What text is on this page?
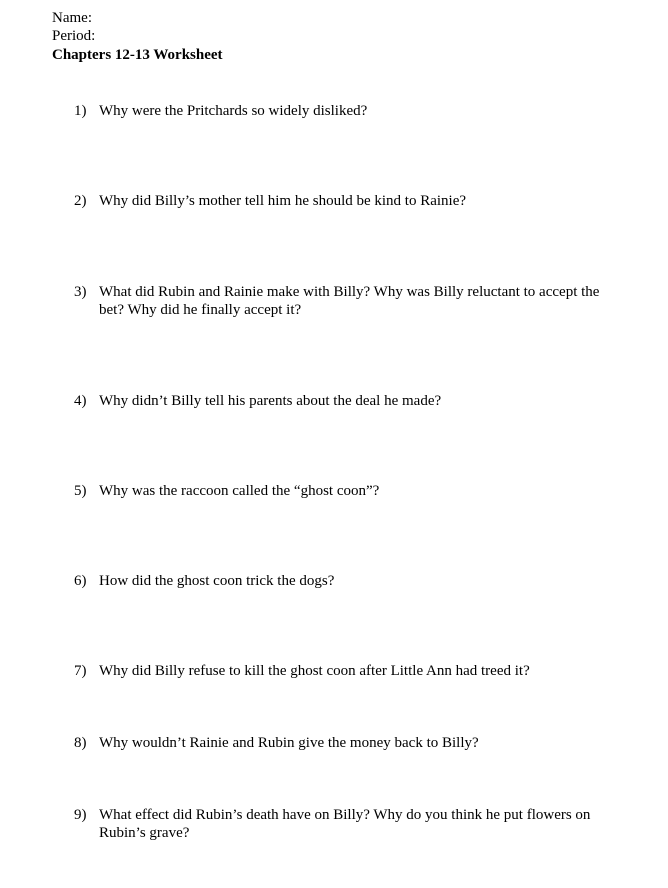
Name:
Period:
Chapters 12-13 Worksheet
1) Why were the Pritchards so widely disliked?
2) Why did Billy’s mother tell him he should be kind to Rainie?
3) What did Rubin and Rainie make with Billy? Why was Billy reluctant to accept the bet? Why did he finally accept it?
4) Why didn’t Billy tell his parents about the deal he made?
5) Why was the raccoon called the “ghost coon”?
6) How did the ghost coon trick the dogs?
7) Why did Billy refuse to kill the ghost coon after Little Ann had treed it?
8) Why wouldn’t Rainie and Rubin give the money back to Billy?
9) What effect did Rubin’s death have on Billy? Why do you think he put flowers on Rubin’s grave?
